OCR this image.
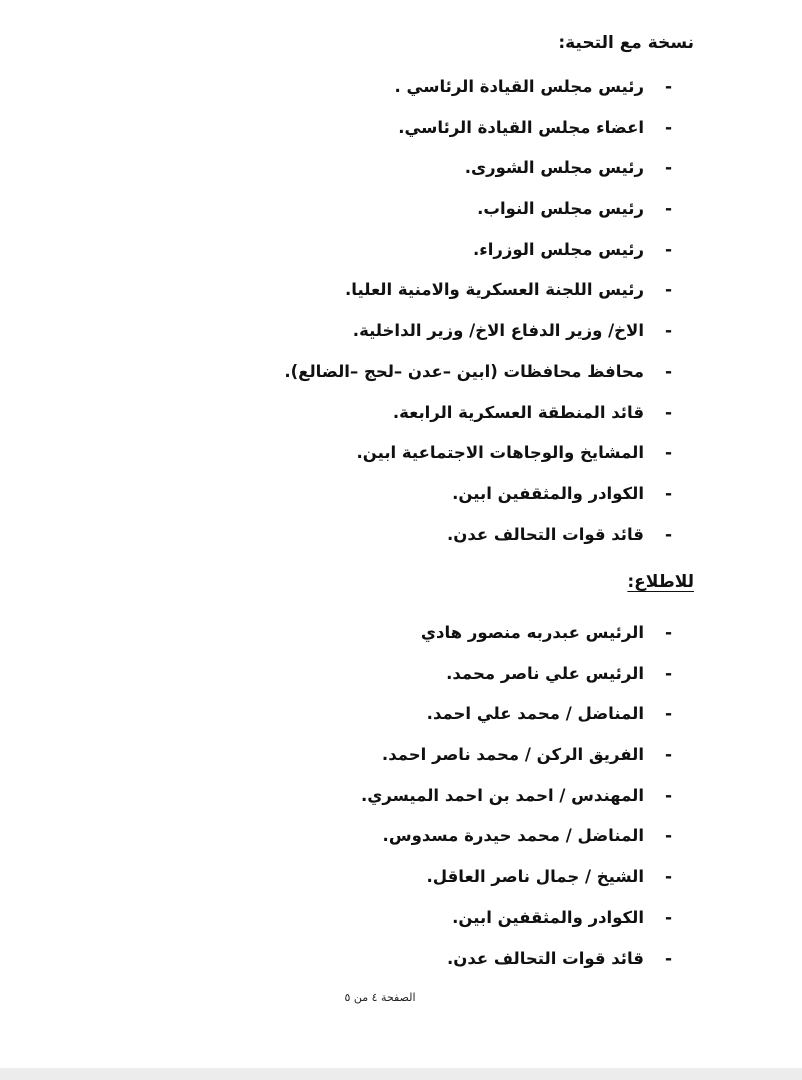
نسخة مع التحية:
-
رئيس مجلس القيادة الرئاسي .
-
اعضاء مجلس القيادة الرئاسي.
-
رئيس مجلس الشورى.
-
رئيس مجلس النواب.
-
رئيس مجلس الوزراء.
-
رئيس اللجنة العسكرية والامنية العليا.
-
الاخ/ وزير الدفاع الاخ/ وزير الداخلية.
-
محافظ محافظات (ابين –عدن –لحج –الضالع).
-
قائد المنطقة العسكرية الرابعة.
-
المشايخ والوجاهات الاجتماعية ابين.
-
الكوادر والمثقفين ابين.
-
قائد قوات التحالف عدن.
للاطلاع:
-
الرئيس عبدربه منصور هادي
-
الرئيس علي ناصر محمد.
-
المناضل / محمد علي احمد.
-
الفريق الركن / محمد ناصر احمد.
-
المهندس / احمد بن احمد الميسري.
-
المناضل / محمد حيدرة مسدوس.
-
الشيخ / جمال ناصر العاقل.
-
الكوادر والمثقفين ابين.
-
قائد قوات التحالف عدن.
الصفحة ٤ من ٥
